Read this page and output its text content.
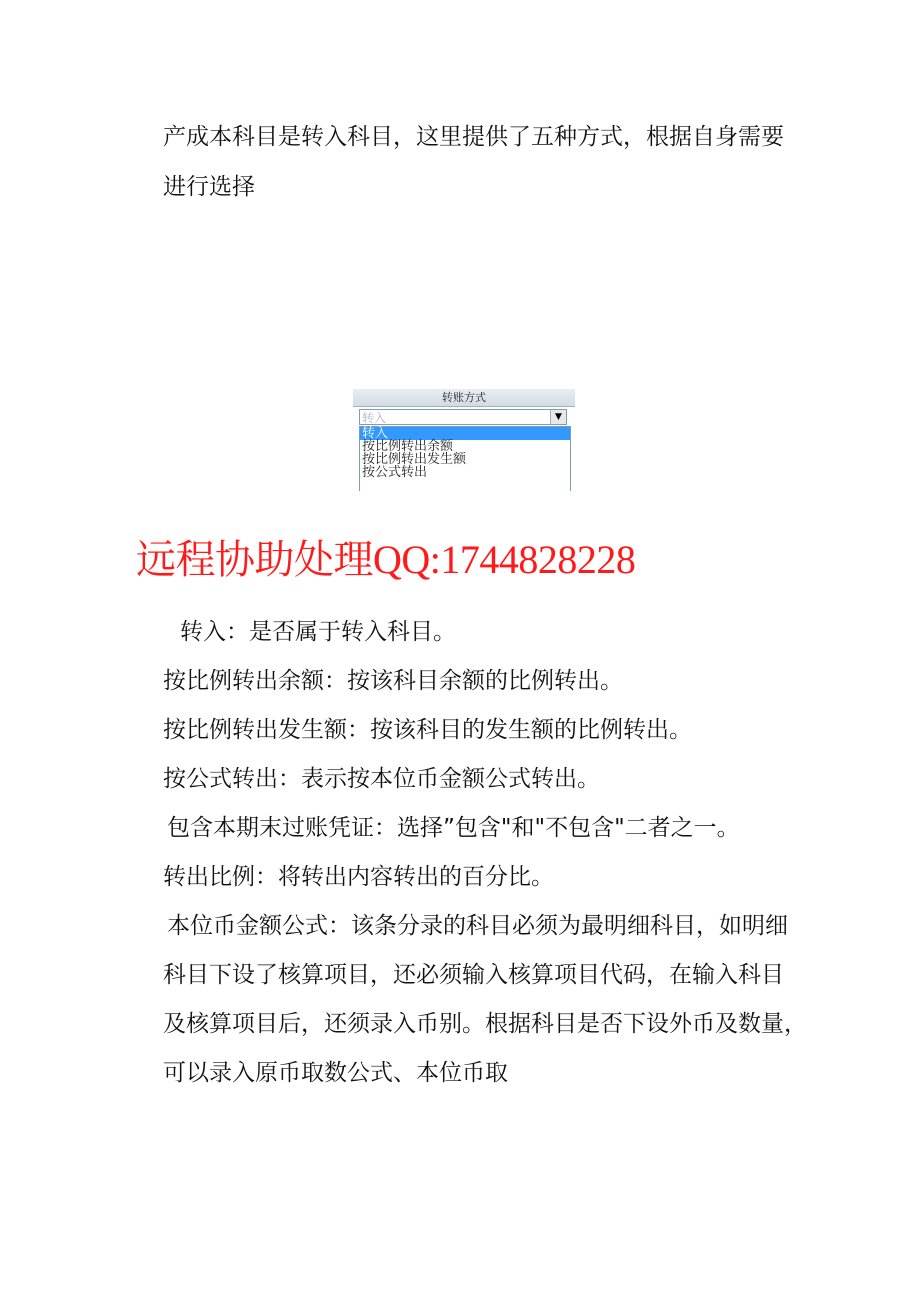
产成本科目是转入科目，这里提供了五种方式，根据自身需要
进行选择

转账方式
转入	▼
转入
按比例转出余额
按比例转出发生额
按公式转出
远程协助处理QQ:1744828228

转入：是否属于转入科目。

按比例转出余额：按该科目余额的比例转出。

按比例转出发生额：按该科目的发生额的比例转出。

按公式转出：表示按本位币金额公式转出。

包含本期末过账凭证：选择”包含"和"不包含"二者之一。

转出比例：将转出内容转出的百分比。

本位币金额公式：该条分录的科目必须为最明细科目，如明细

科目下设了核算项目，还必须输入核算项目代码，在输入科目

及核算项目后，还须录入币别。根据科目是否下设外币及数量，

可以录入原币取数公式、本位币取
